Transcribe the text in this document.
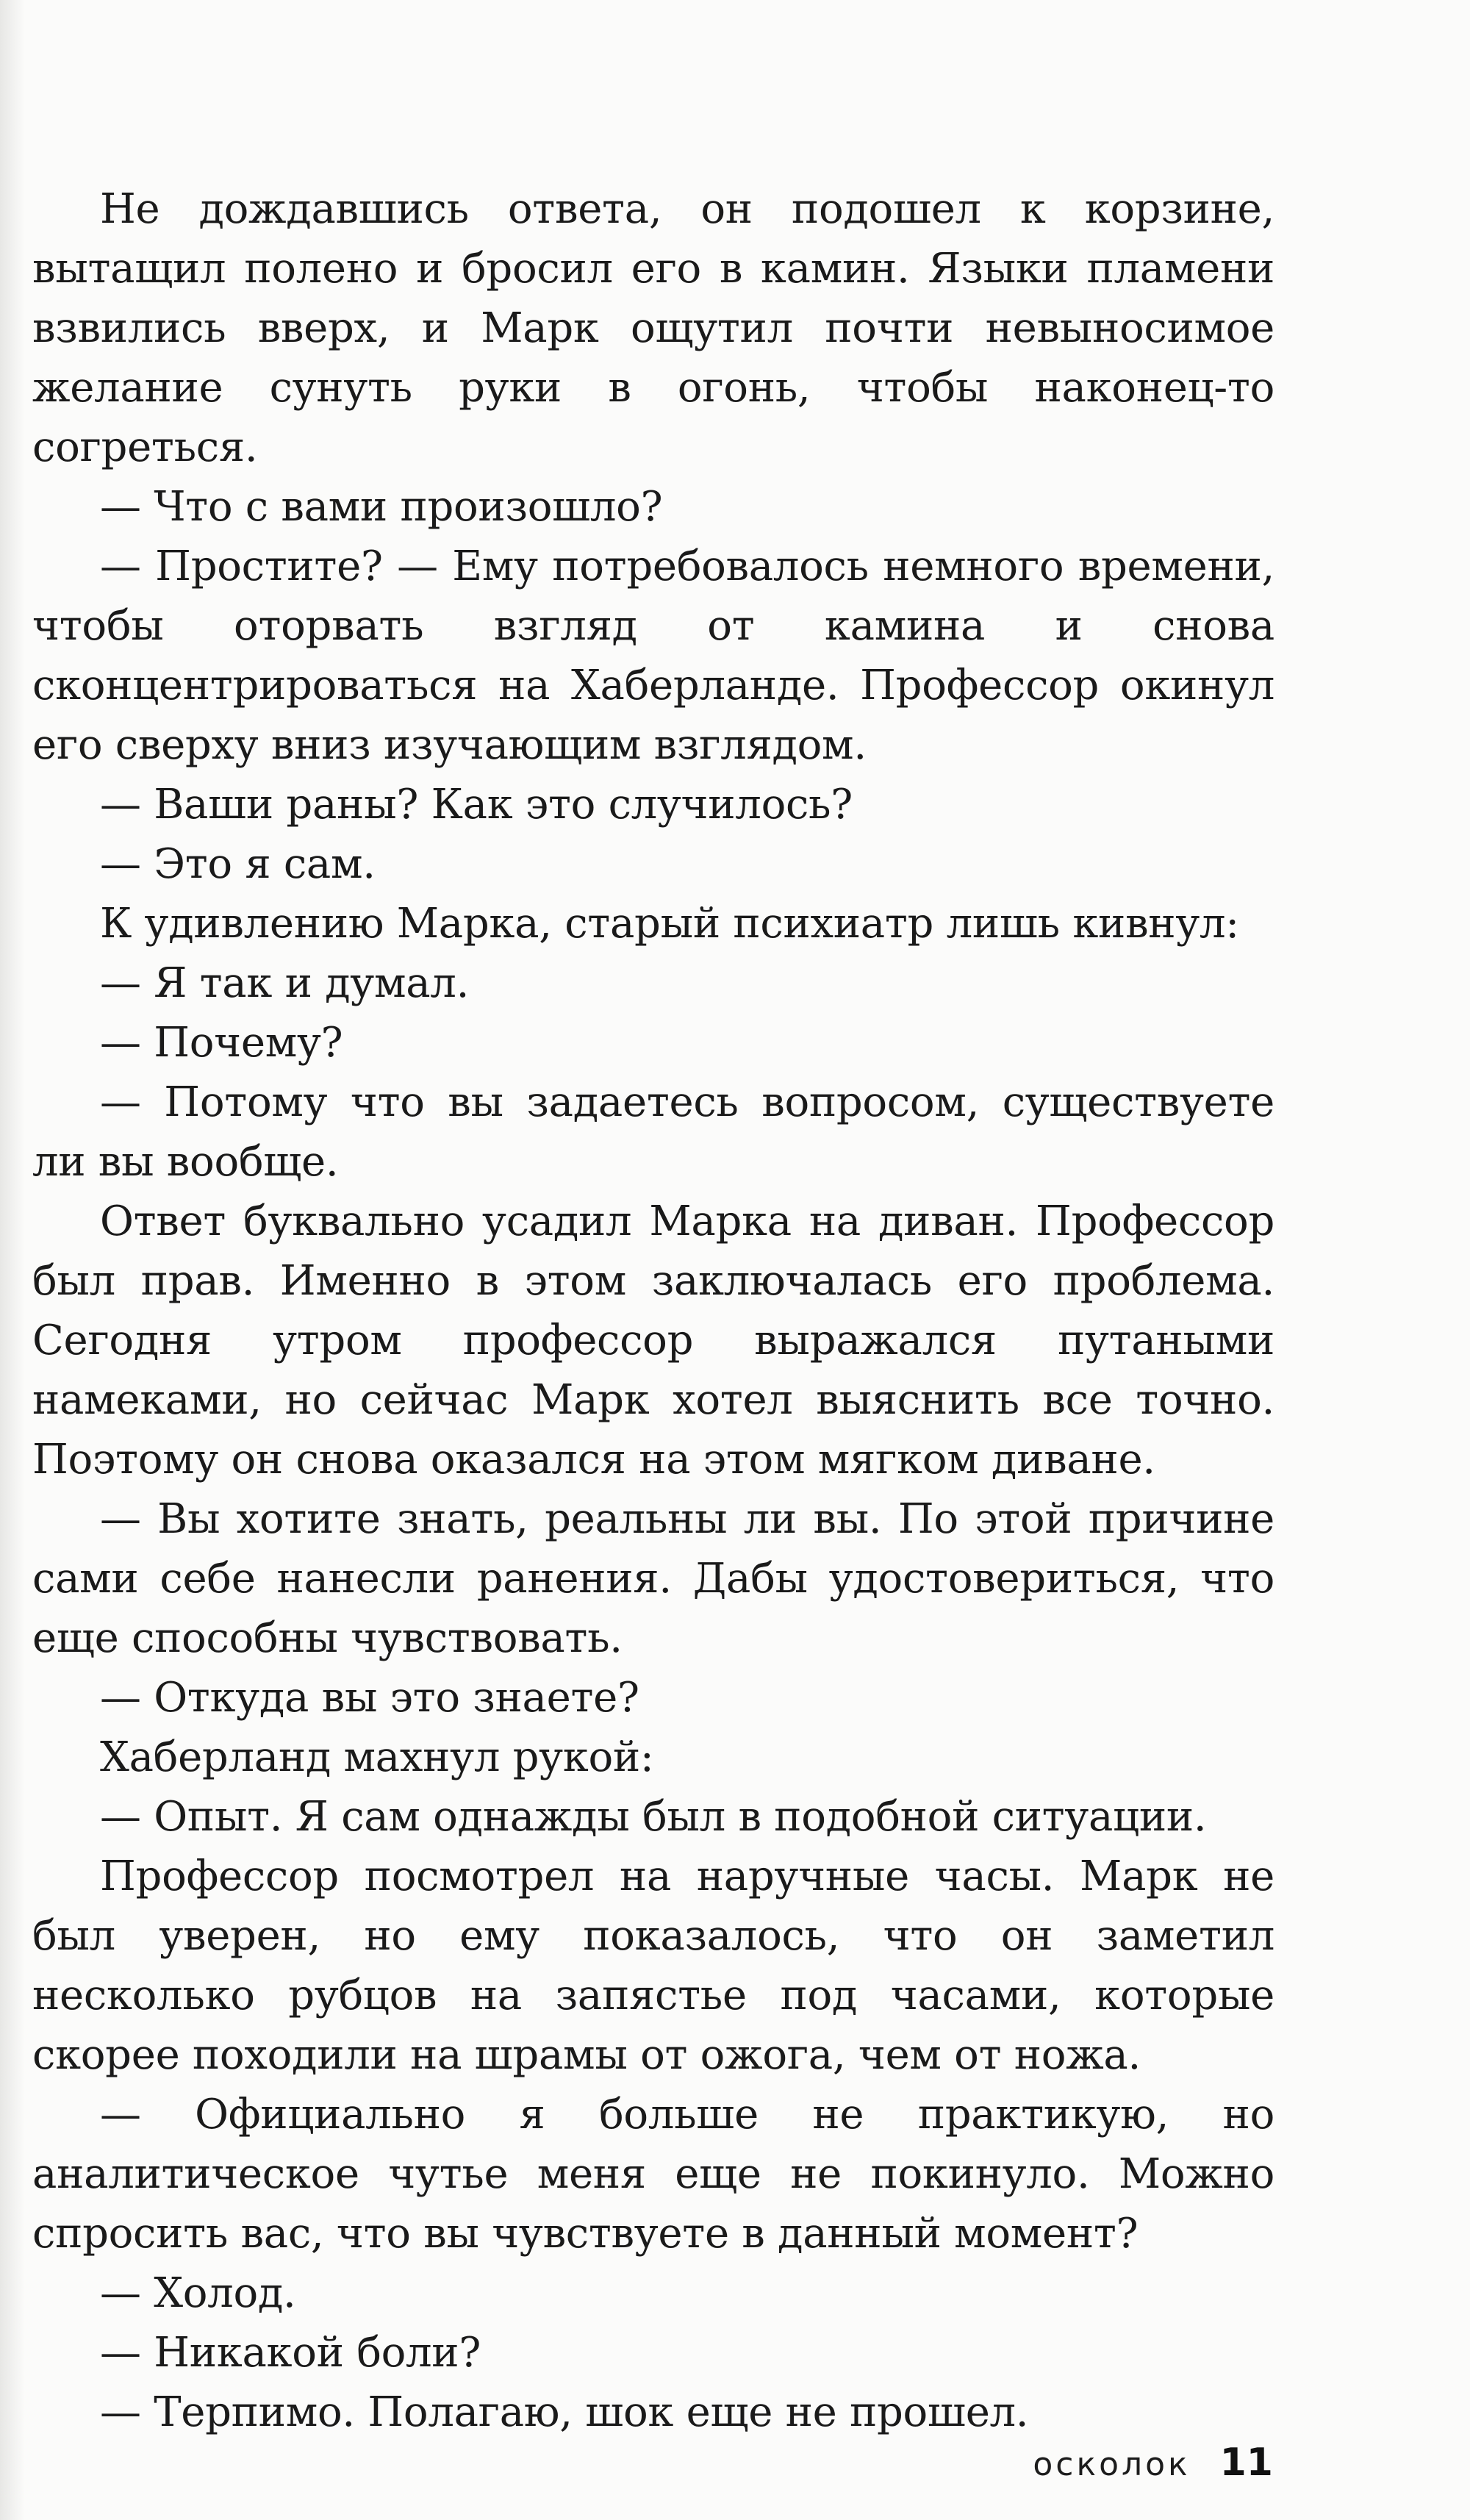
Не дождавшись ответа, он подошел к корзине, вытащил полено и бросил его в камин. Языки пламени взвились вверх, и Марк ощутил почти невыносимое желание сунуть руки в огонь, чтобы наконец-то согреться.

— Что с вами произошло?

— Простите? — Ему потребовалось немного времени, чтобы оторвать взгляд от камина и снова сконцентрироваться на Хаберланде. Профессор окинул его сверху вниз изучающим взглядом.

— Ваши раны? Как это случилось?

— Это я сам.

К удивлению Марка, старый психиатр лишь кивнул:

— Я так и думал.

— Почему?

— Потому что вы задаетесь вопросом, существуете ли вы вообще.

Ответ буквально усадил Марка на диван. Профессор был прав. Именно в этом заключалась его проблема. Сегодня утром профессор выражался путаными намеками, но сейчас Марк хотел выяснить все точно. Поэтому он снова оказался на этом мягком диване.

— Вы хотите знать, реальны ли вы. По этой причине сами себе нанесли ранения. Дабы удостовериться, что еще способны чувствовать.

— Откуда вы это знаете?

Хаберланд махнул рукой:

— Опыт. Я сам однажды был в подобной ситуации.

Профессор посмотрел на наручные часы. Марк не был уверен, но ему показалось, что он заметил несколько рубцов на запястье под часами, которые скорее походили на шрамы от ожога, чем от ножа.

— Официально я больше не практикую, но аналитическое чутье меня еще не покинуло. Можно спросить вас, что вы чувствуете в данный момент?

— Холод.

— Никакой боли?

— Терпимо. Полагаю, шок еще не прошел.

осколок 11
